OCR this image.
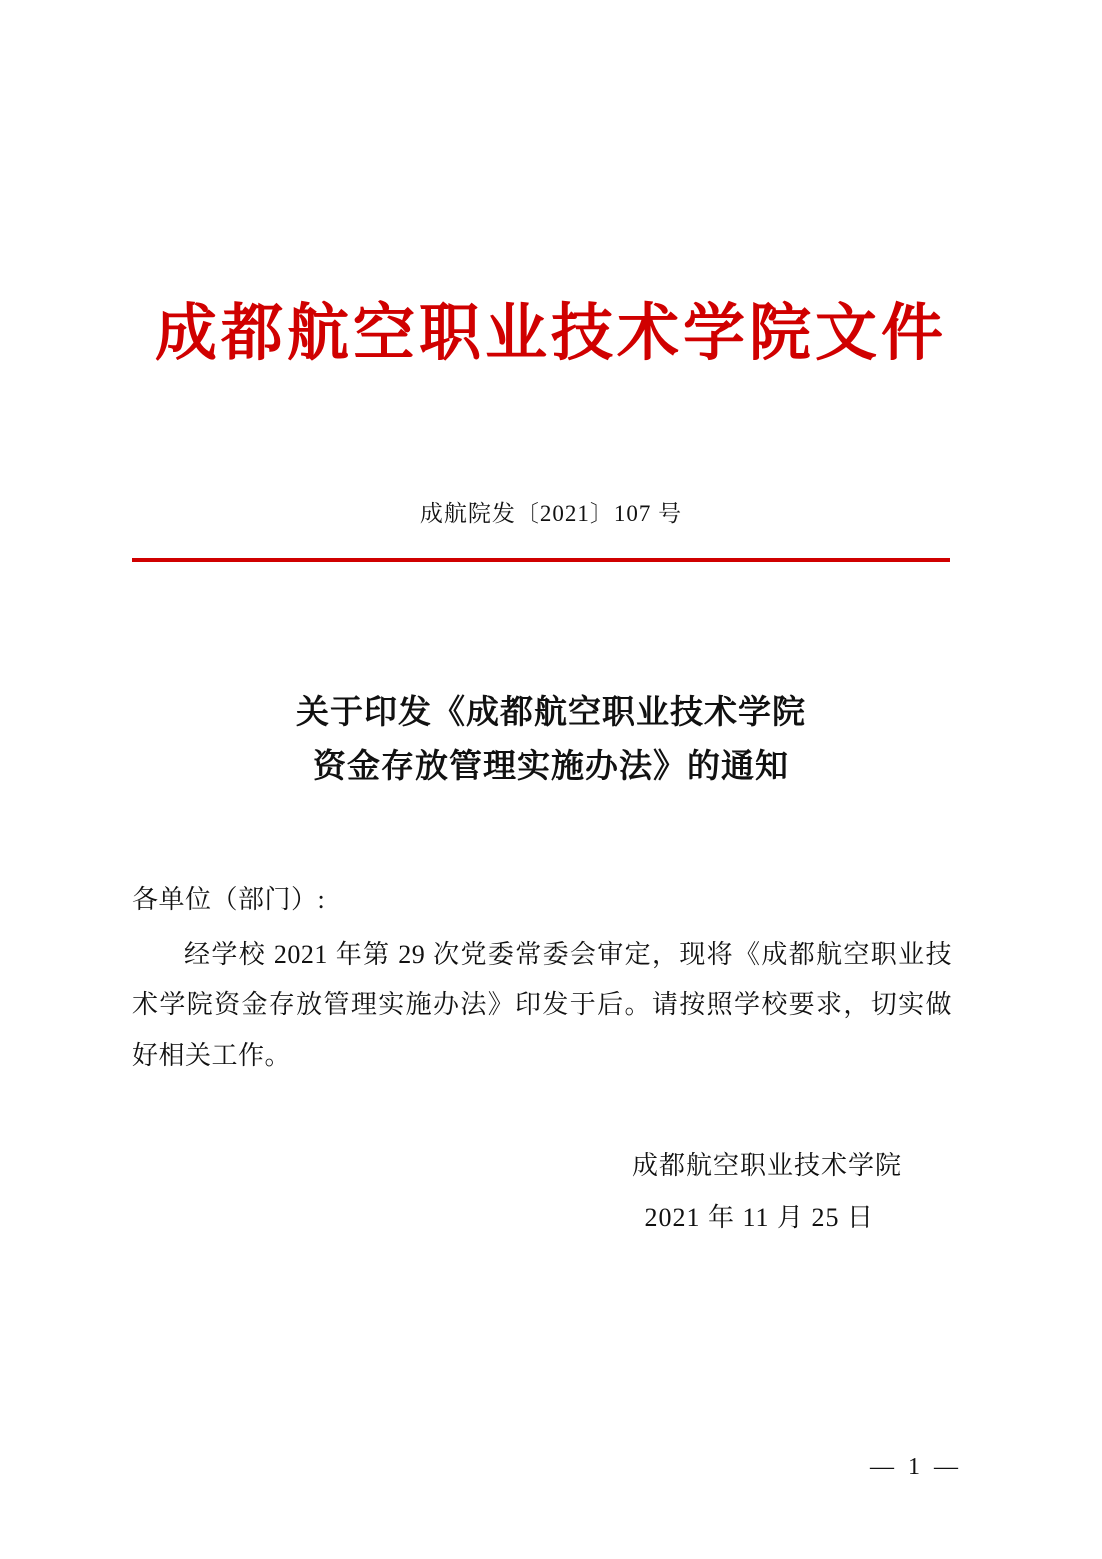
成都航空职业技术学院文件
成航院发〔2021〕107 号
关于印发《成都航空职业技术学院
资金存放管理实施办法》的通知

各单位（部门）:

经学校 2021 年第 29 次党委常委会审定，现将《成都航空职业技术学院资金存放管理实施办法》印发于后。请按照学校要求，切实做好相关工作。

成都航空职业技术学院
2021 年 11 月 25 日
— 1 —
